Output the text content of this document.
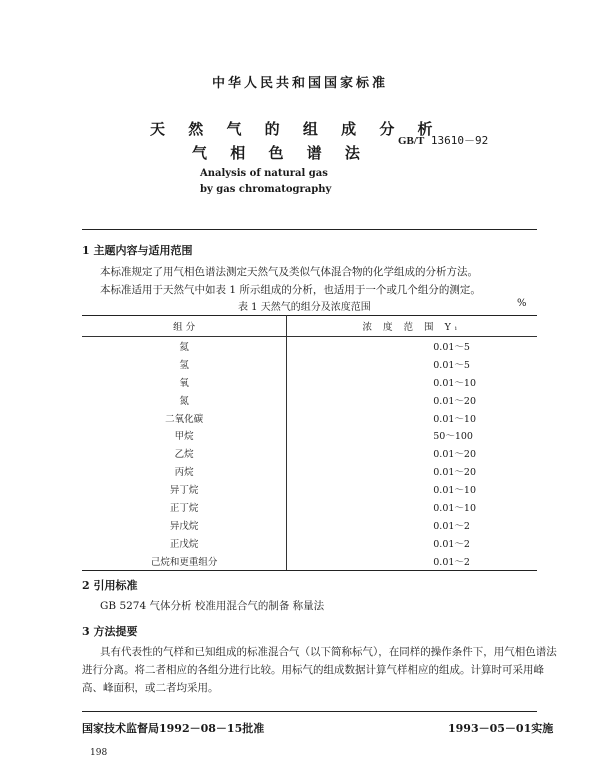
中华人民共和国国家标准
天 然 气 的 组 成 分 析
气 相 色 谱 法
GB/T 13610－92
Analysis of natural gas
by gas chromatography
1 主题内容与适用范围
本标准规定了用气相色谱法测定天然气及类似气体混合物的化学组成的分析方法。
本标准适用于天然气中如表 1 所示组成的分析，也适用于一个或几个组分的测定。
表 1 天然气的组分及浓度范围	%
组 分	浓 度 范 围 Yᵢ
氦	0.01～5
氢	0.01～5
氧	0.01～10
氮	0.01～20
二氧化碳	0.01～10
甲烷	50～100
乙烷	0.01～20
丙烷	0.01～20
异丁烷	0.01～10
正丁烷	0.01～10
异戊烷	0.01～2
正戊烷	0.01～2
己烷和更重组分	0.01～2
2 引用标准
GB 5274 气体分析 校准用混合气的制备 称量法
3 方法提要
具有代表性的气样和已知组成的标准混合气（以下简称标气），在同样的操作条件下，用气相色谱法
进行分离。将二者相应的各组分进行比较。用标气的组成数据计算气样相应的组成。计算时可采用峰
高、峰面积，或二者均采用。
国家技术监督局1992－08－15批准	1993－05－01实施
198
